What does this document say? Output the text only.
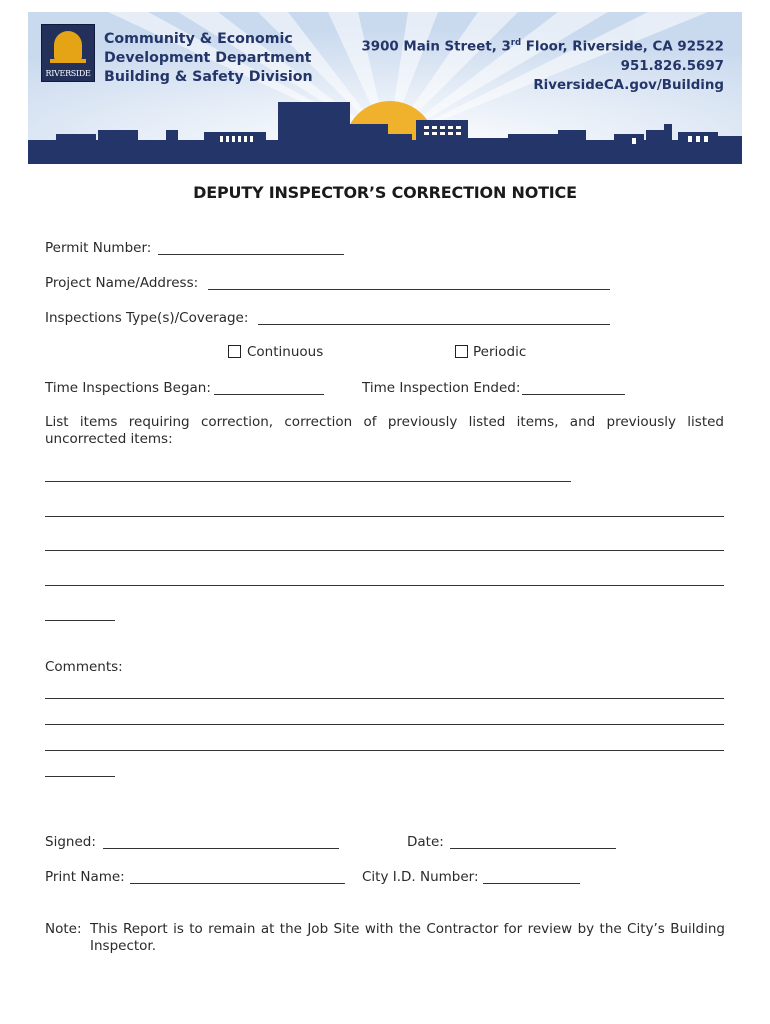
RIVERSIDE
Community & Economic
Development Department
Building & Safety Division
3900 Main Street, 3rd Floor, Riverside, CA 92522
951.826.5697
RiversideCA.gov/Building
DEPUTY INSPECTOR’S CORRECTION NOTICE
Permit Number:
Project Name/Address:
Inspections Type(s)/Coverage:
Continuous	Periodic
Time Inspections Began:	Time Inspection Ended:
List items requiring correction, correction of previously listed items, and previously listed uncorrected items:
Comments:
Signed:	Date:
Print Name:	City I.D. Number:
Note: This Report is to remain at the Job Site with the Contractor for review by the City’s Building Inspector.
